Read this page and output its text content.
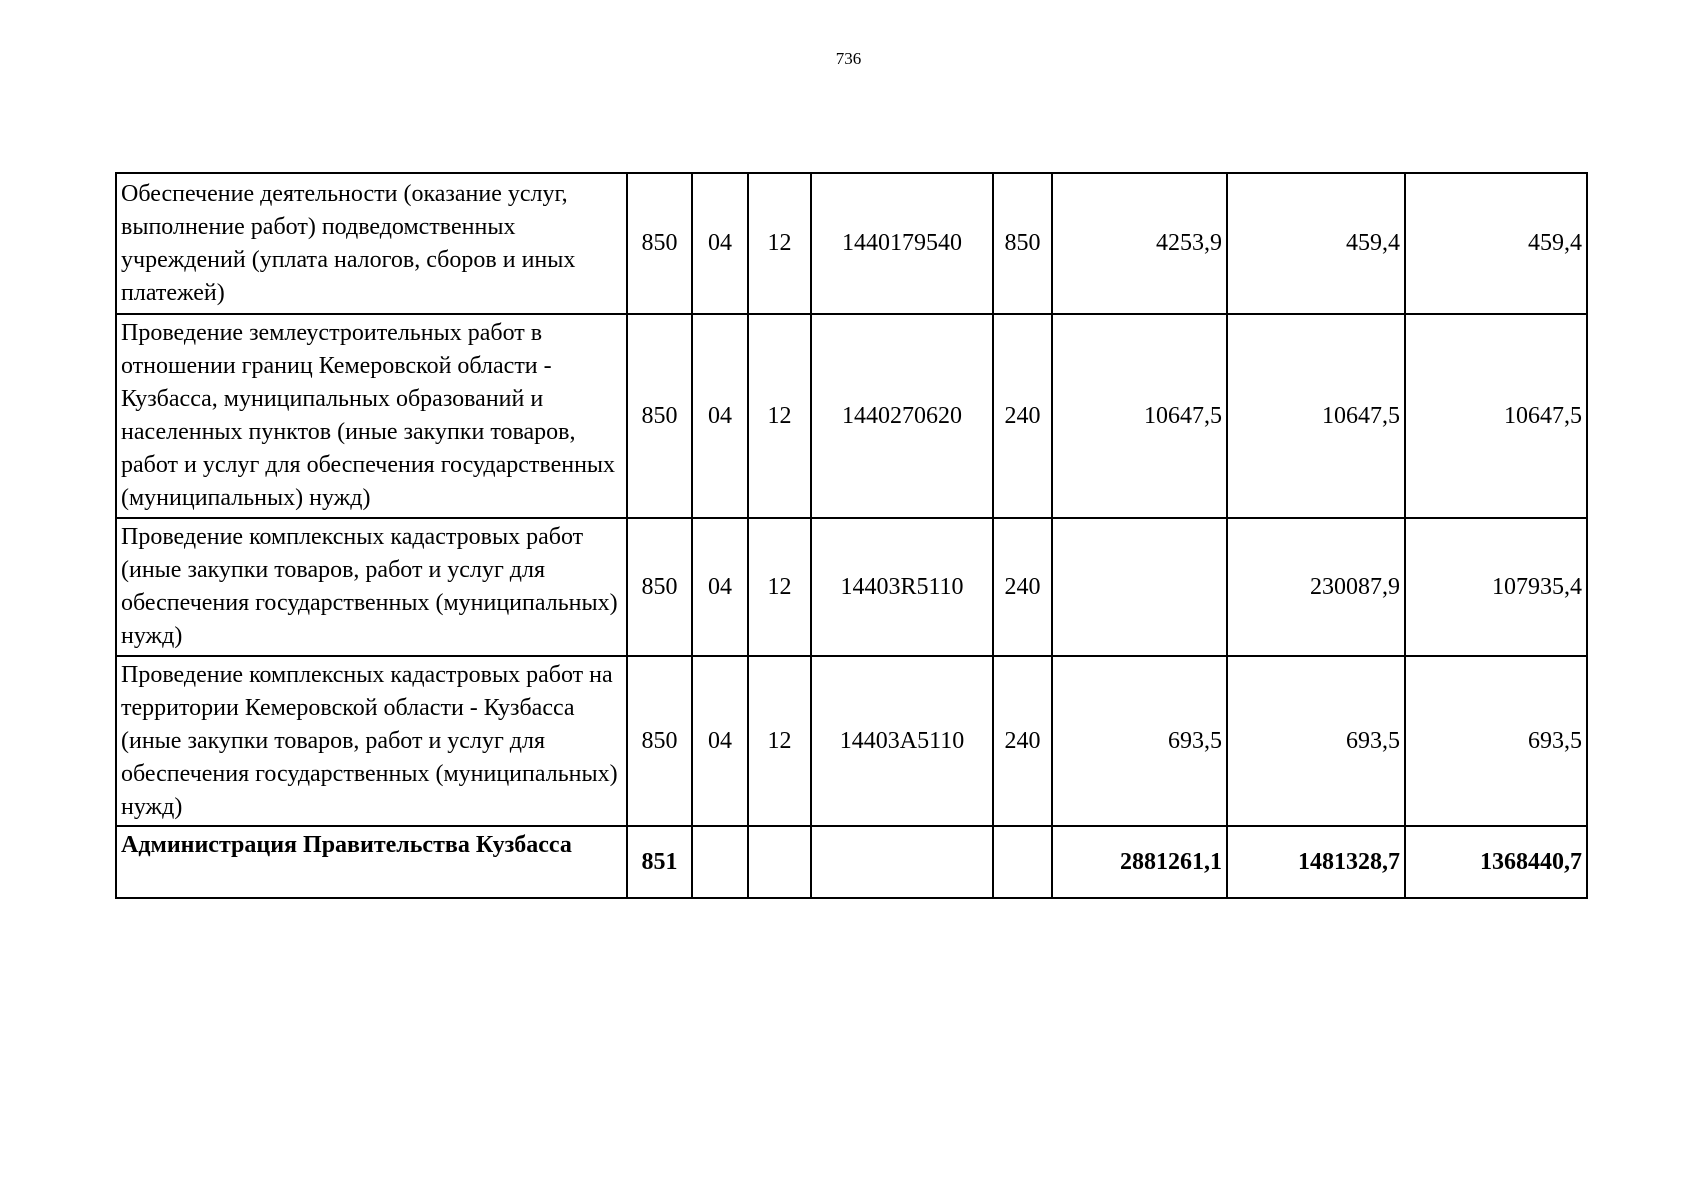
736
Обеспечение деятельности (оказание услуг, выполнение работ) подведомственных учреждений (уплата налогов, сборов и иных платежей)	850	04	12	1440179540	850	4253,9	459,4	459,4
Проведение землеустроительных работ в отношении границ Кемеровской области - Кузбасса, муниципальных образований и населенных пунктов (иные закупки товаров, работ и услуг для обеспечения государственных (муниципальных) нужд)	850	04	12	1440270620	240	10647,5	10647,5	10647,5
Проведение комплексных кадастровых работ (иные закупки товаров, работ и услуг для обеспечения государственных (муниципальных) нужд)	850	04	12	14403R5110	240		230087,9	107935,4
Проведение комплексных кадастровых работ на территории Кемеровской области - Кузбасса (иные закупки товаров, работ и услуг для обеспечения государственных (муниципальных) нужд)	850	04	12	14403А5110	240	693,5	693,5	693,5
Администрация Правительства Кузбасса	851					2881261,1	1481328,7	1368440,7
